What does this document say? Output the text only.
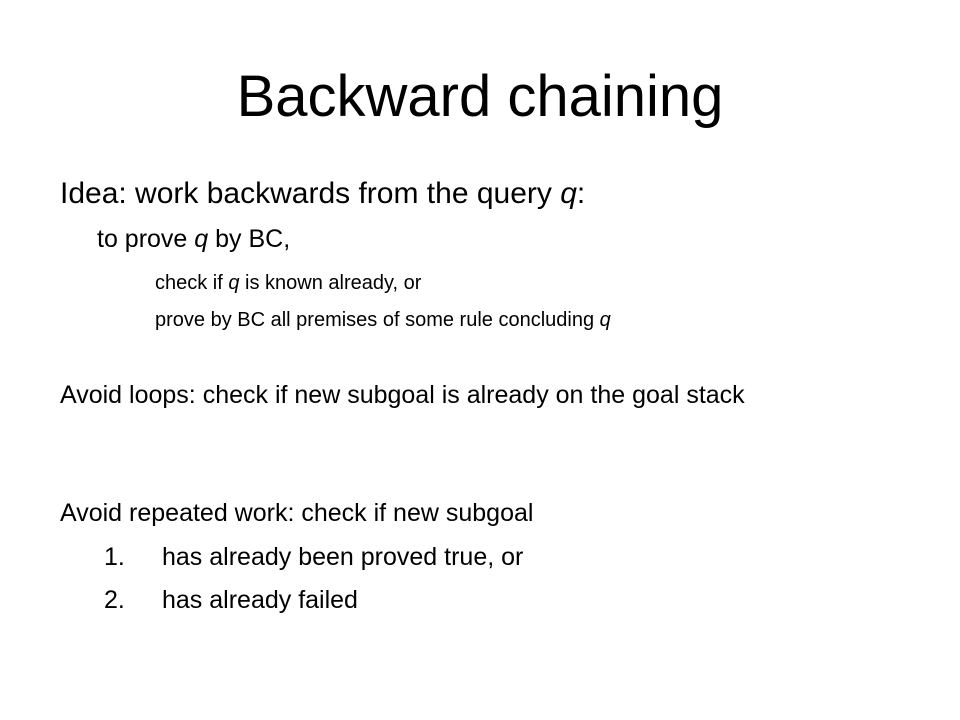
Backward chaining
Idea: work backwards from the query q:
to prove q by BC,
check if q is known already, or
prove by BC all premises of some rule concluding q
Avoid loops: check if new subgoal is already on the goal stack
Avoid repeated work: check if new subgoal
1. has already been proved true, or
2. has already failed
